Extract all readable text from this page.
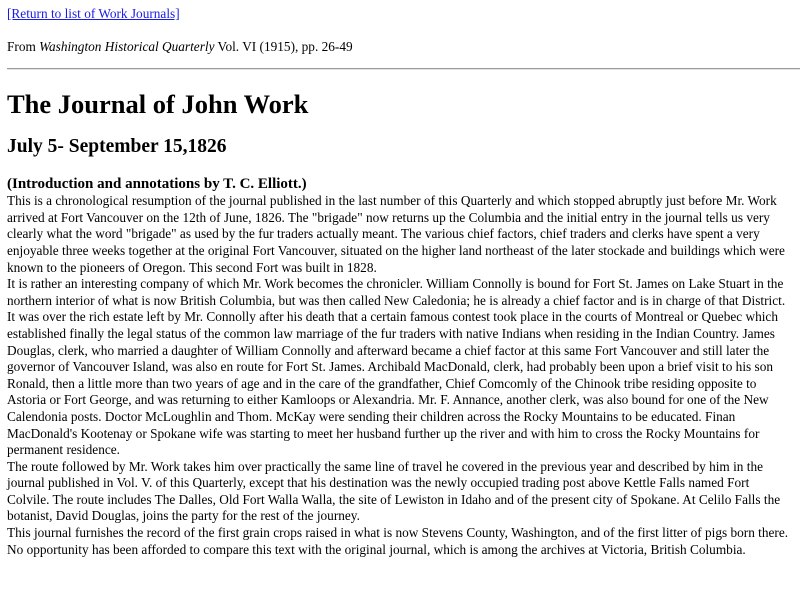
[Return to list of Work Journals]

From Washington Historical Quarterly Vol. VI (1915), pp. 26-49

The Journal of John Work
July 5- September 15,1826
(Introduction and annotations by T. C. Elliott.)

This is a chronological resumption of the journal published in the last number of this Quarterly and which stopped abruptly just before Mr. Work arrived at Fort Vancouver on the 12th of June, 1826. The "brigade" now returns up the Columbia and the initial entry in the journal tells us very clearly what the word "brigade" as used by the fur traders actually meant. The various chief factors, chief traders and clerks have spent a very enjoyable three weeks together at the original Fort Vancouver, situated on the higher land northeast of the later stockade and buildings which were known to the pioneers of Oregon. This second Fort was built in 1828.

It is rather an interesting company of which Mr. Work becomes the chronicler. William Connolly is bound for Fort St. James on Lake Stuart in the northern interior of what is now British Columbia, but was then called New Caledonia; he is already a chief factor and is in charge of that District. It was over the rich estate left by Mr. Connolly after his death that a certain famous contest took place in the courts of Montreal or Quebec which established finally the legal status of the common law marriage of the fur traders with native Indians when residing in the Indian Country. James Douglas, clerk, who married a daughter of William Connolly and afterward became a chief factor at this same Fort Vancouver and still later the governor of Vancouver Island, was also en route for Fort St. James. Archibald MacDonald, clerk, had probably been upon a brief visit to his son Ronald, then a little more than two years of age and in the care of the grandfather, Chief Comcomly of the Chinook tribe residing opposite to Astoria or Fort George, and was returning to either Kamloops or Alexandria. Mr. F. Annance, another clerk, was also bound for one of the New Calendonia posts. Doctor McLoughlin and Thom. McKay were sending their children across the Rocky Mountains to be educated. Finan MacDonald's Kootenay or Spokane wife was starting to meet her husband further up the river and with him to cross the Rocky Mountains for permanent residence.

The route followed by Mr. Work takes him over practically the same line of travel he covered in the previous year and described by him in the journal published in Vol. V. of this Quarterly, except that his destination was the newly occupied trading post above Kettle Falls named Fort Colvile. The route includes The Dalles, Old Fort Walla Walla, the site of Lewiston in Idaho and of the present city of Spokane. At Celilo Falls the botanist, David Douglas, joins the party for the rest of the journey.

This journal furnishes the record of the first grain crops raised in what is now Stevens County, Washington, and of the first litter of pigs born there. No opportunity has been afforded to compare this text with the original journal, which is among the archives at Victoria, British Columbia.
